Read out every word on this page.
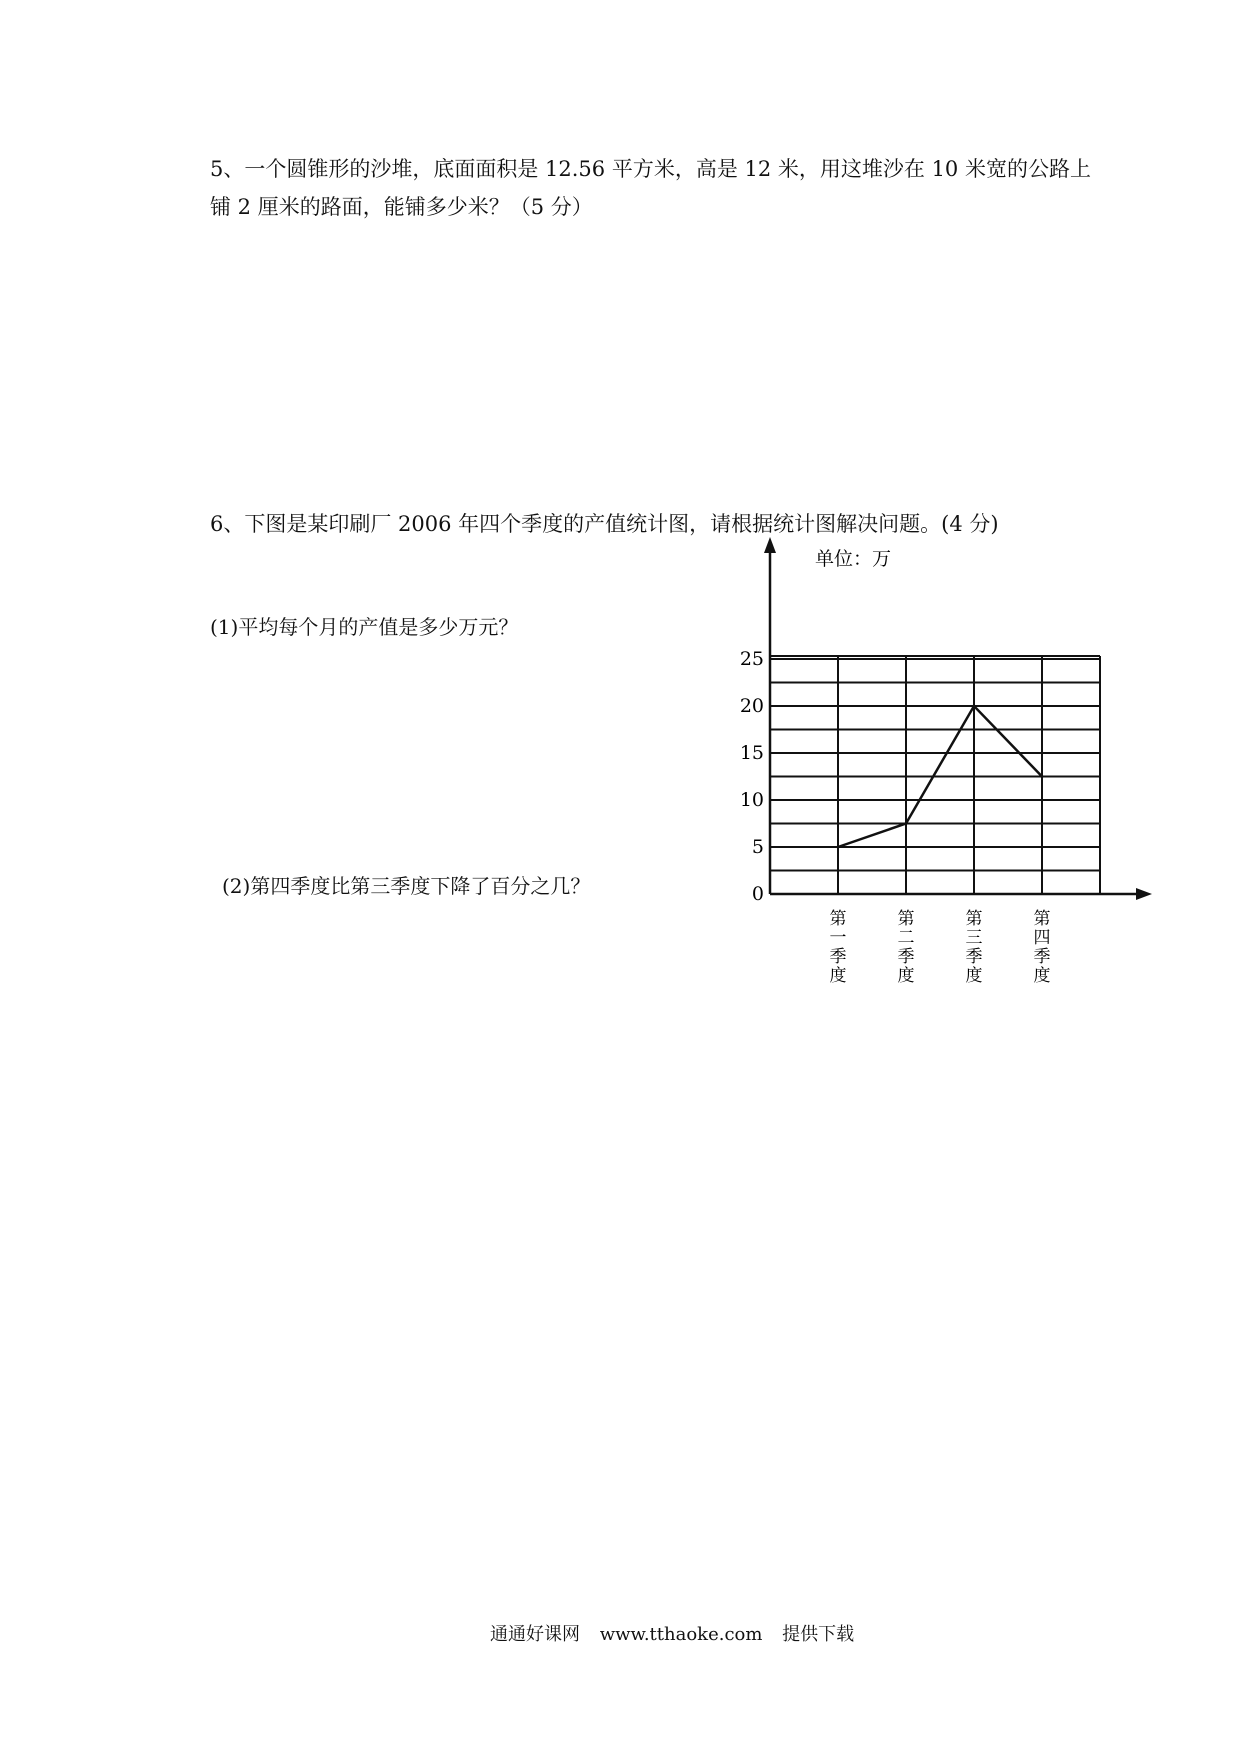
5、一个圆锥形的沙堆，底面面积是 12.56 平方米，高是 12 米，用这堆沙在 10 米宽的公路上
铺 2 厘米的路面，能铺多少米？（5 分）
6、下图是某印刷厂 2006 年四个季度的产值统计图，请根据统计图解决问题。(4 分)
(1)平均每个月的产值是多少万元？
(2)第四季度比第三季度下降了百分之几？
单位：万
0
5
10
15
20
25
第
一
季
度
第
二
季
度
第
三
季
度
第
四
季
度
通通好课网 www.tthaoke.com 提供下载
